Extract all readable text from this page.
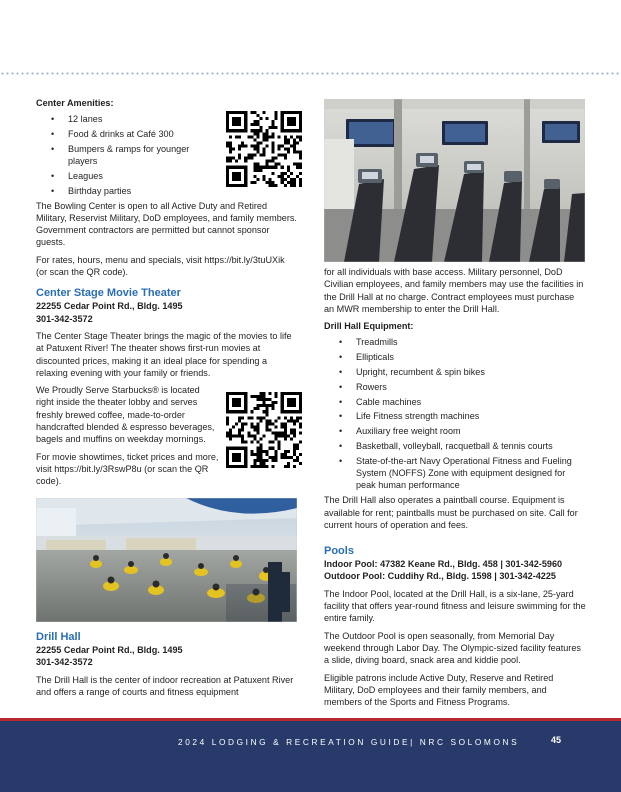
Center Amenities:
• 12 lanes
• Food & drinks at Café 300
• Bumpers & ramps for younger players
• Leagues
• Birthday parties

The Bowling Center is open to all Active Duty and Retired Military, Reservist Military, DoD employees, and family members. Government contractors are permitted but cannot sponsor guests.

For rates, hours, menu and specials, visit https://bit.ly/3tuUXik (or scan the QR code).

Center Stage Movie Theater
22255 Cedar Point Rd., Bldg. 1495
301-342-3572

The Center Stage Theater brings the magic of the movies to life at Patuxent River! The theater shows first-run movies at discounted prices, making it an ideal place for spending a relaxing evening with your family or friends.

We Proudly Serve Starbucks® is located right inside the theater lobby and serves freshly brewed coffee, made-to-order handcrafted blended & espresso beverages, bagels and muffins on weekday mornings.

For movie showtimes, ticket prices and more, visit https://bit.ly/3RswP8u (or scan the QR code).

Drill Hall
22255 Cedar Point Rd., Bldg. 1495
301-342-3572

The Drill Hall is the center of indoor recreation at Patuxent River and offers a range of courts and fitness equipment

for all individuals with base access. Military personnel, DoD Civilian employees, and family members may use the facilities in the Drill Hall at no charge. Contract employees must purchase an MWR membership to enter the Drill Hall.

Drill Hall Equipment:
• Treadmills
• Ellipticals
• Upright, recumbent & spin bikes
• Rowers
• Cable machines
• Life Fitness strength machines
• Auxiliary free weight room
• Basketball, volleyball, racquetball & tennis courts
• State-of-the-art Navy Operational Fitness and Fueling System (NOFFS) Zone with equipment designed for peak human performance

The Drill Hall also operates a paintball course. Equipment is available for rent; paintballs must be purchased on site. Call for current hours of operation and fees.

Pools
Indoor Pool: 47382 Keane Rd., Bldg. 458 | 301-342-5960
Outdoor Pool: Cuddihy Rd., Bldg. 1598 | 301-342-4225

The Indoor Pool, located at the Drill Hall, is a six-lane, 25-yard facility that offers year-round fitness and leisure swimming for the entire family.

The Outdoor Pool is open seasonally, from Memorial Day weekend through Labor Day. The Olympic-sized facility features a slide, diving board, snack area and kiddie pool.

Eligible patrons include Active Duty, Reserve and Retired Military, DoD employees and their family members, and members of the Sports and Fitness Programs.

2024 LODGING & RECREATION GUIDE| NRC SOLOMONS	45
